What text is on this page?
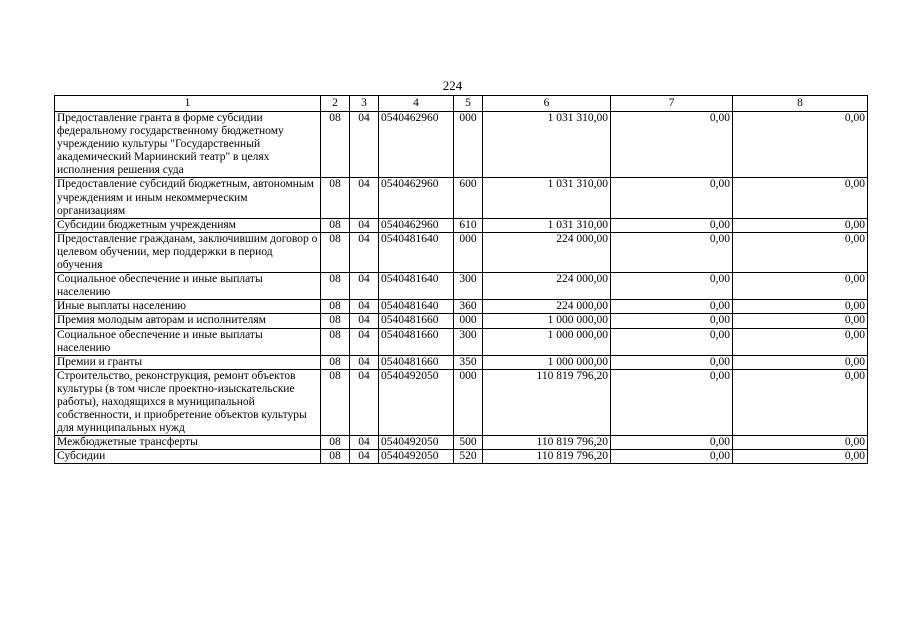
224
1	2	3	4	5	6	7	8
Предоставление гранта в форме субсидии федеральному государственному бюджетному учреждению культуры "Государственный академический Мариинский театр" в целях исполнения решения суда	08	04	0540462960	000	1 031 310,00	0,00	0,00
Предоставление субсидий бюджетным, автономным учреждениям и иным некоммерческим организациям	08	04	0540462960	600	1 031 310,00	0,00	0,00
Субсидии бюджетным учреждениям	08	04	0540462960	610	1 031 310,00	0,00	0,00
Предоставление гражданам, заключившим договор о целевом обучении, мер поддержки в период обучения	08	04	0540481640	000	224 000,00	0,00	0,00
Социальное обеспечение и иные выплаты населению	08	04	0540481640	300	224 000,00	0,00	0,00
Иные выплаты населению	08	04	0540481640	360	224 000,00	0,00	0,00
Премия молодым авторам и исполнителям	08	04	0540481660	000	1 000 000,00	0,00	0,00
Социальное обеспечение и иные выплаты населению	08	04	0540481660	300	1 000 000,00	0,00	0,00
Премии и гранты	08	04	0540481660	350	1 000 000,00	0,00	0,00
Строительство, реконструкция, ремонт объектов культуры (в том числе проектно-изыскательские работы), находящихся в муниципальной собственности, и приобретение объектов культуры для муниципальных нужд	08	04	0540492050	000	110 819 796,20	0,00	0,00
Межбюджетные трансферты	08	04	0540492050	500	110 819 796,20	0,00	0,00
Субсидии	08	04	0540492050	520	110 819 796,20	0,00	0,00
